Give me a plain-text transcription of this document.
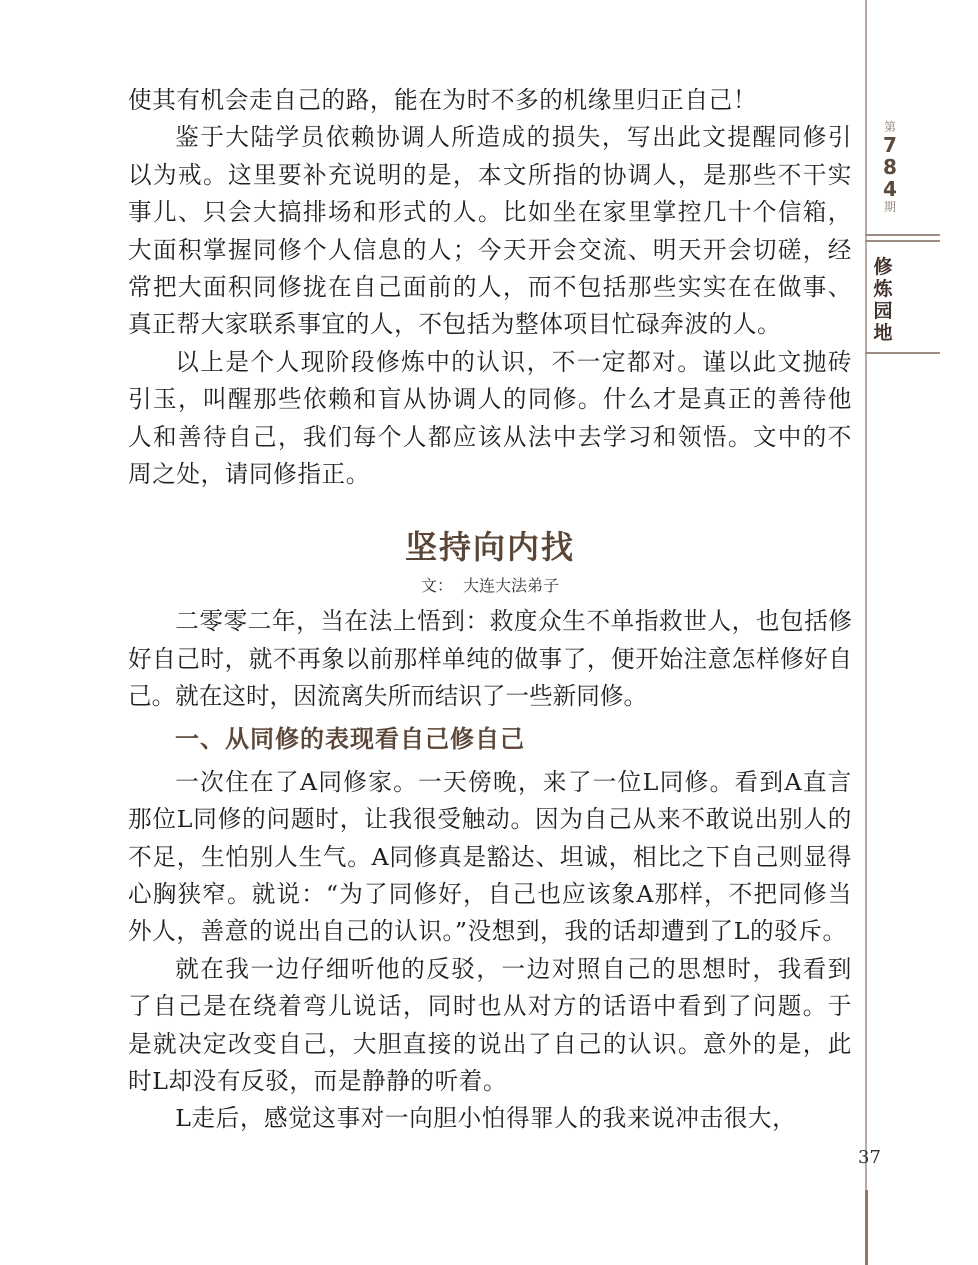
第
7
8
4
期
修炼园地

使其有机会走自己的路，能在为时不多的机缘里归正自己！

鉴于大陆学员依赖协调人所造成的损失，写出此文提醒同修引以为戒。这里要补充说明的是，本文所指的协调人，是那些不干实事儿、只会大搞排场和形式的人。比如坐在家里掌控几十个信箱，大面积掌握同修个人信息的人；今天开会交流、明天开会切磋，经常把大面积同修拢在自己面前的人，而不包括那些实实在在做事、真正帮大家联系事宜的人，不包括为整体项目忙碌奔波的人。

以上是个人现阶段修炼中的认识，不一定都对。谨以此文抛砖引玉，叫醒那些依赖和盲从协调人的同修。什么才是真正的善待他人和善待自己，我们每个人都应该从法中去学习和领悟。文中的不周之处，请同修指正。

坚持向内找
文： 大连大法弟子

二零零二年，当在法上悟到：救度众生不单指救世人，也包括修好自己时，就不再象以前那样单纯的做事了，便开始注意怎样修好自己。就在这时，因流离失所而结识了一些新同修。

一、从同修的表现看自己修自己

一次住在了A同修家。一天傍晚，来了一位L同修。看到A直言那位L同修的问题时，让我很受触动。因为自己从来不敢说出别人的不足，生怕别人生气。A同修真是豁达、坦诚，相比之下自己则显得心胸狭窄。就说：“为了同修好，自己也应该象A那样，不把同修当外人，善意的说出自己的认识。”没想到，我的话却遭到了L的驳斥。

就在我一边仔细听他的反驳，一边对照自己的思想时，我看到了自己是在绕着弯儿说话，同时也从对方的话语中看到了问题。于是就决定改变自己，大胆直接的说出了自己的认识。意外的是，此时L却没有反驳，而是静静的听着。

L走后，感觉这事对一向胆小怕得罪人的我来说冲击很大，

37
